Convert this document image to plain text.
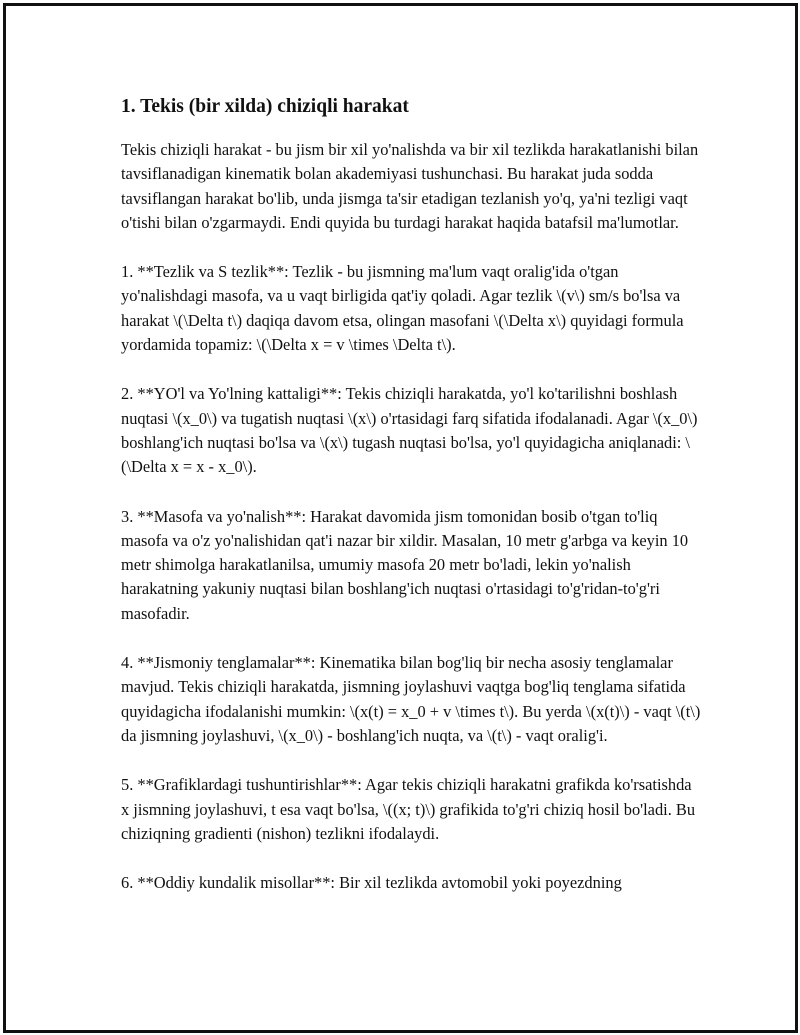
1. Tekis (bir xilda) chiziqli harakat

Tekis chiziqli harakat - bu jism bir xil yo'nalishda va bir xil tezlikda harakatlanishi bilan tavsiflanadigan kinematik bolan akademiyasi tushunchasi. Bu harakat juda sodda tavsiflangan harakat bo'lib, unda jismga ta'sir etadigan tezlanish yo'q, ya'ni tezligi vaqt o'tishi bilan o'zgarmaydi. Endi quyida bu turdagi harakat haqida batafsil ma'lumotlar.

1. **Tezlik va S tezlik**: Tezlik - bu jismning ma'lum vaqt oralig'ida o'tgan yo'nalishdagi masofa, va u vaqt birligida qat'iy qoladi. Agar tezlik \(v\) sm/s bo'lsa va harakat \(\Delta t\) daqiqa davom etsa, olingan masofani \(\Delta x\) quyidagi formula yordamida topamiz: \(\Delta x = v \times \Delta t\).

2. **YO'l va Yo'lning kattaligi**: Tekis chiziqli harakatda, yo'l ko'tarilishni boshlash nuqtasi \(x_0\) va tugatish nuqtasi \(x\) o'rtasidagi farq sifatida ifodalanadi. Agar \(x_0\) boshlang'ich nuqtasi bo'lsa va \(x\) tugash nuqtasi bo'lsa, yo'l quyidagicha aniqlanadi: \(\Delta x = x - x_0\).

3. **Masofa va yo'nalish**: Harakat davomida jism tomonidan bosib o'tgan to'liq masofa va o'z yo'nalishidan qat'i nazar bir xildir. Masalan, 10 metr g'arbga va keyin 10 metr shimolga harakatlanilsa, umumiy masofa 20 metr bo'ladi, lekin yo'nalish harakatning yakuniy nuqtasi bilan boshlang'ich nuqtasi o'rtasidagi to'g'ridan-to'g'ri masofadir.

4. **Jismoniy tenglamalar**: Kinematika bilan bog'liq bir necha asosiy tenglamalar mavjud. Tekis chiziqli harakatda, jismning joylashuvi vaqtga bog'liq tenglama sifatida quyidagicha ifodalanishi mumkin: \(x(t) = x_0 + v \times t\). Bu yerda \(x(t)\) - vaqt \(t\) da jismning joylashuvi, \(x_0\) - boshlang'ich nuqta, va \(t\) - vaqt oralig'i.

5. **Grafiklardagi tushuntirishlar**: Agar tekis chiziqli harakatni grafikda ko'rsatishda x jismning joylashuvi, t esa vaqt bo'lsa, \((x; t)\) grafikida to'g'ri chiziq hosil bo'ladi. Bu chiziqning gradienti (nishon) tezlikni ifodalaydi.

6. **Oddiy kundalik misollar**: Bir xil tezlikda avtomobil yoki poyezdning
